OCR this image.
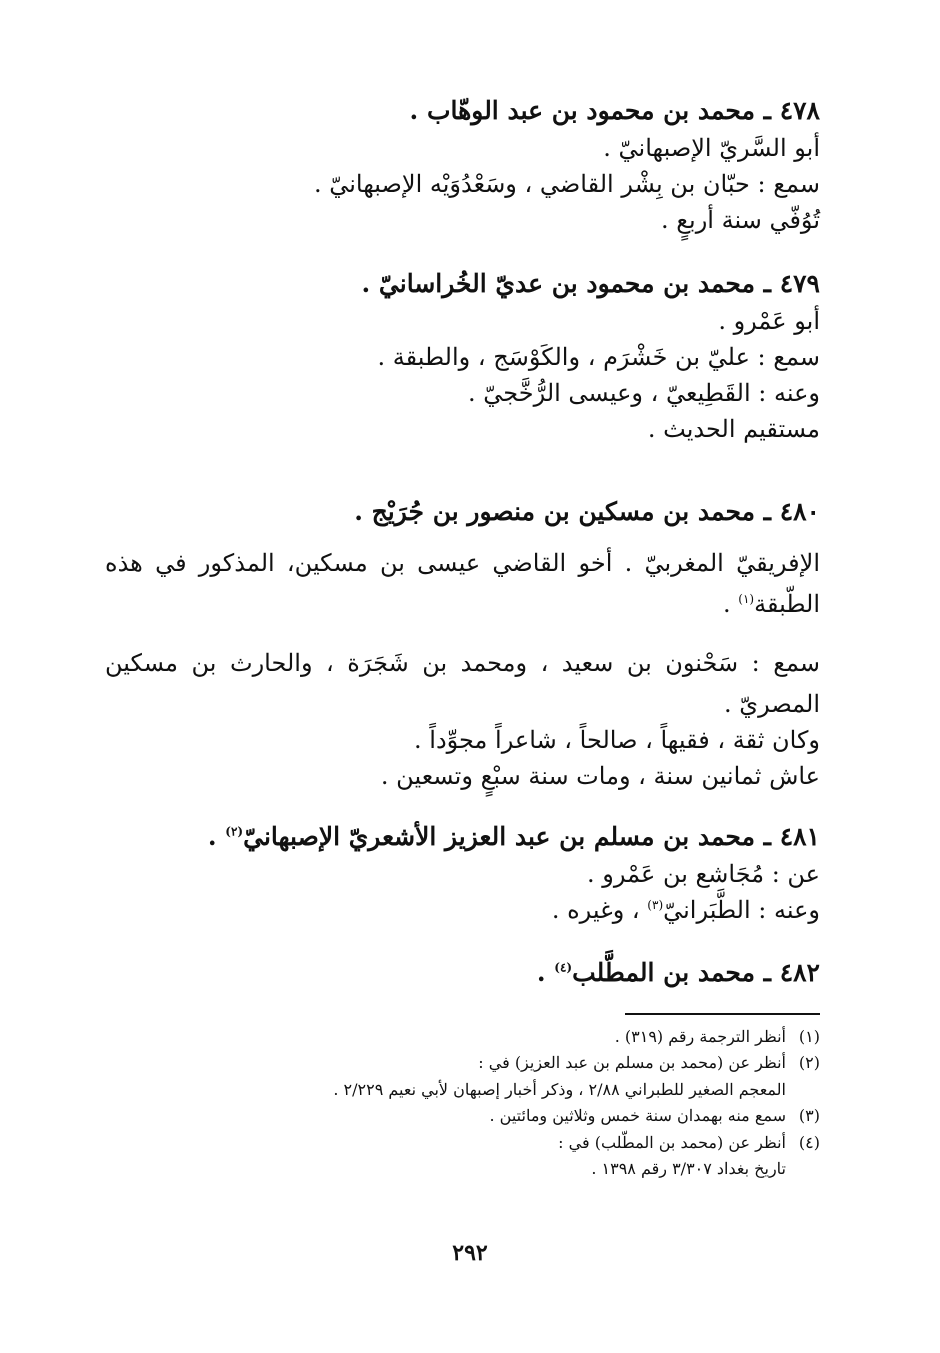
٤٧٨ ـ محمد بن محمود بن عبد الوهّاب .
أبو السَّريّ الإصبهانيّ .
سمع : حبّان بن بِشْر القاضي ، وسَعْدُوَيْه الإصبهانيّ .
تُوُفّي سنة أربعٍ .
٤٧٩ ـ محمد بن محمود بن عديّ الخُراسانيّ .
أبو عَمْرو .
سمع : عليّ بن خَشْرَم ، والكَوْسَج ، والطبقة .
وعنه : القَطِيعيّ ، وعيسى الرُّخَّجيّ .
مستقيم الحديث .
٤٨٠ ـ محمد بن مسكين بن منصور بن جُرَيْج .
الإفريقيّ المغربيّ . أخو القاضي عيسى بن مسكين، المذكور في هذه الطّبقة$^{(١)}$ .
سمع : سَحْنون بن سعيد ، ومحمد بن شَجَرَة ، والحارث بن مسكين المصريّ .
وكان ثقة ، فقيهاً ، صالحاً ، شاعراً مجوِّداً .
عاش ثمانين سنة ، ومات سنة سبْعٍ وتسعين .
٤٨١ ـ محمد بن مسلم بن عبد العزيز الأشعريّ الإصبهانيّ$^{(٢)}$ .
عن : مُجَاشع بن عَمْرو .
وعنه : الطَّبَرانيّ$^{(٣)}$ ، وغيره .
٤٨٢ ـ محمد بن المطَّلب$^{(٤)}$ .
(١)
أنظر الترجمة رقم (٣١٩) .
(٢)
أنظر عن (محمد بن مسلم بن عبد العزيز) في :
المعجم الصغير للطبراني ٢/٨٨ ، وذكر أخبار إصبهان لأبي نعيم ٢/٢٢٩ .
(٣)
سمع منه بهمدان سنة خمس وثلاثين ومائتين .
(٤)
أنظر عن (محمد بن المطّلب) في :
تاريخ بغداد ٣/٣٠٧ رقم ١٣٩٨ .
٢٩٢
